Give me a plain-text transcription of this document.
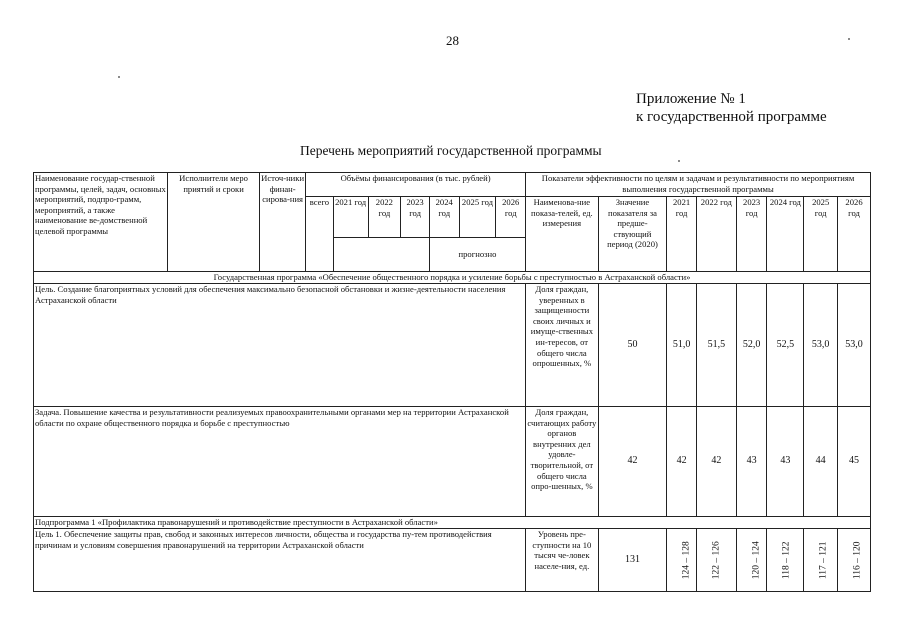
28
Приложение № 1
к государственной программе
Перечень мероприятий государственной программы
Наименование государ-ственной программы, целей, задач, основных мероприятий, подпро-грамм, мероприятий, а также наименование ве-домственной целевой программы	Исполнители меро приятий и сроки	Источ-ники финан-сирова-ния	Объёмы финансирования (в тыс. рублей)							Показатели эффективности по целям и задачам и результативности по мероприятиям выполнения государственной программы							
			всего	2021 год	2022 год	2023 год	2024 год	2025 год	2026 год	Наименова-ние показа-телей, ед. измерения	Значение показателя за предше-ствующий период (2020)	2021 год	2022 год	2023 год	2024 год	2025 год	2026 год
							прогнозно										
Государственная программа «Обеспечение общественного порядка и усиление борьбы с преступностью в Астраханской области»																	
Цель. Создание благоприятных условий для обеспечения максимально безопасной обстановки и жизне-деятельности населения Астраханской области										Доля граждан, уверенных в защищенности своих личных и имуще-ственных ин-тересов, от общего числа опрошенных, %	50	51,0	51,5	52,0	52,5	53,0	53,0
Задача. Повышение качества и результативности реализуемых правоохранительными органами мер на территории Астраханской области по охране общественного порядка и борьбе с преступностью										Доля граждан, считающих работу органов внутренних дел удовле-творительной, от общего числа опро-шенных, %	42	42	42	43	43	44	45
Подпрограмма 1 «Профилактика правонарушений и противодействие преступности в Астраханской области»																	
Цель 1. Обеспечение защиты прав, свобод и законных интересов личности, общества и государства пу-тем противодействия причинам и условиям совершения правонарушений на территории Астраханской области										Уровень пре-ступности на 10 тысяч че-ловек населе-ния, ед.	131	124 – 128	122 – 126	120 – 124	118 – 122	117 – 121	116 – 120
